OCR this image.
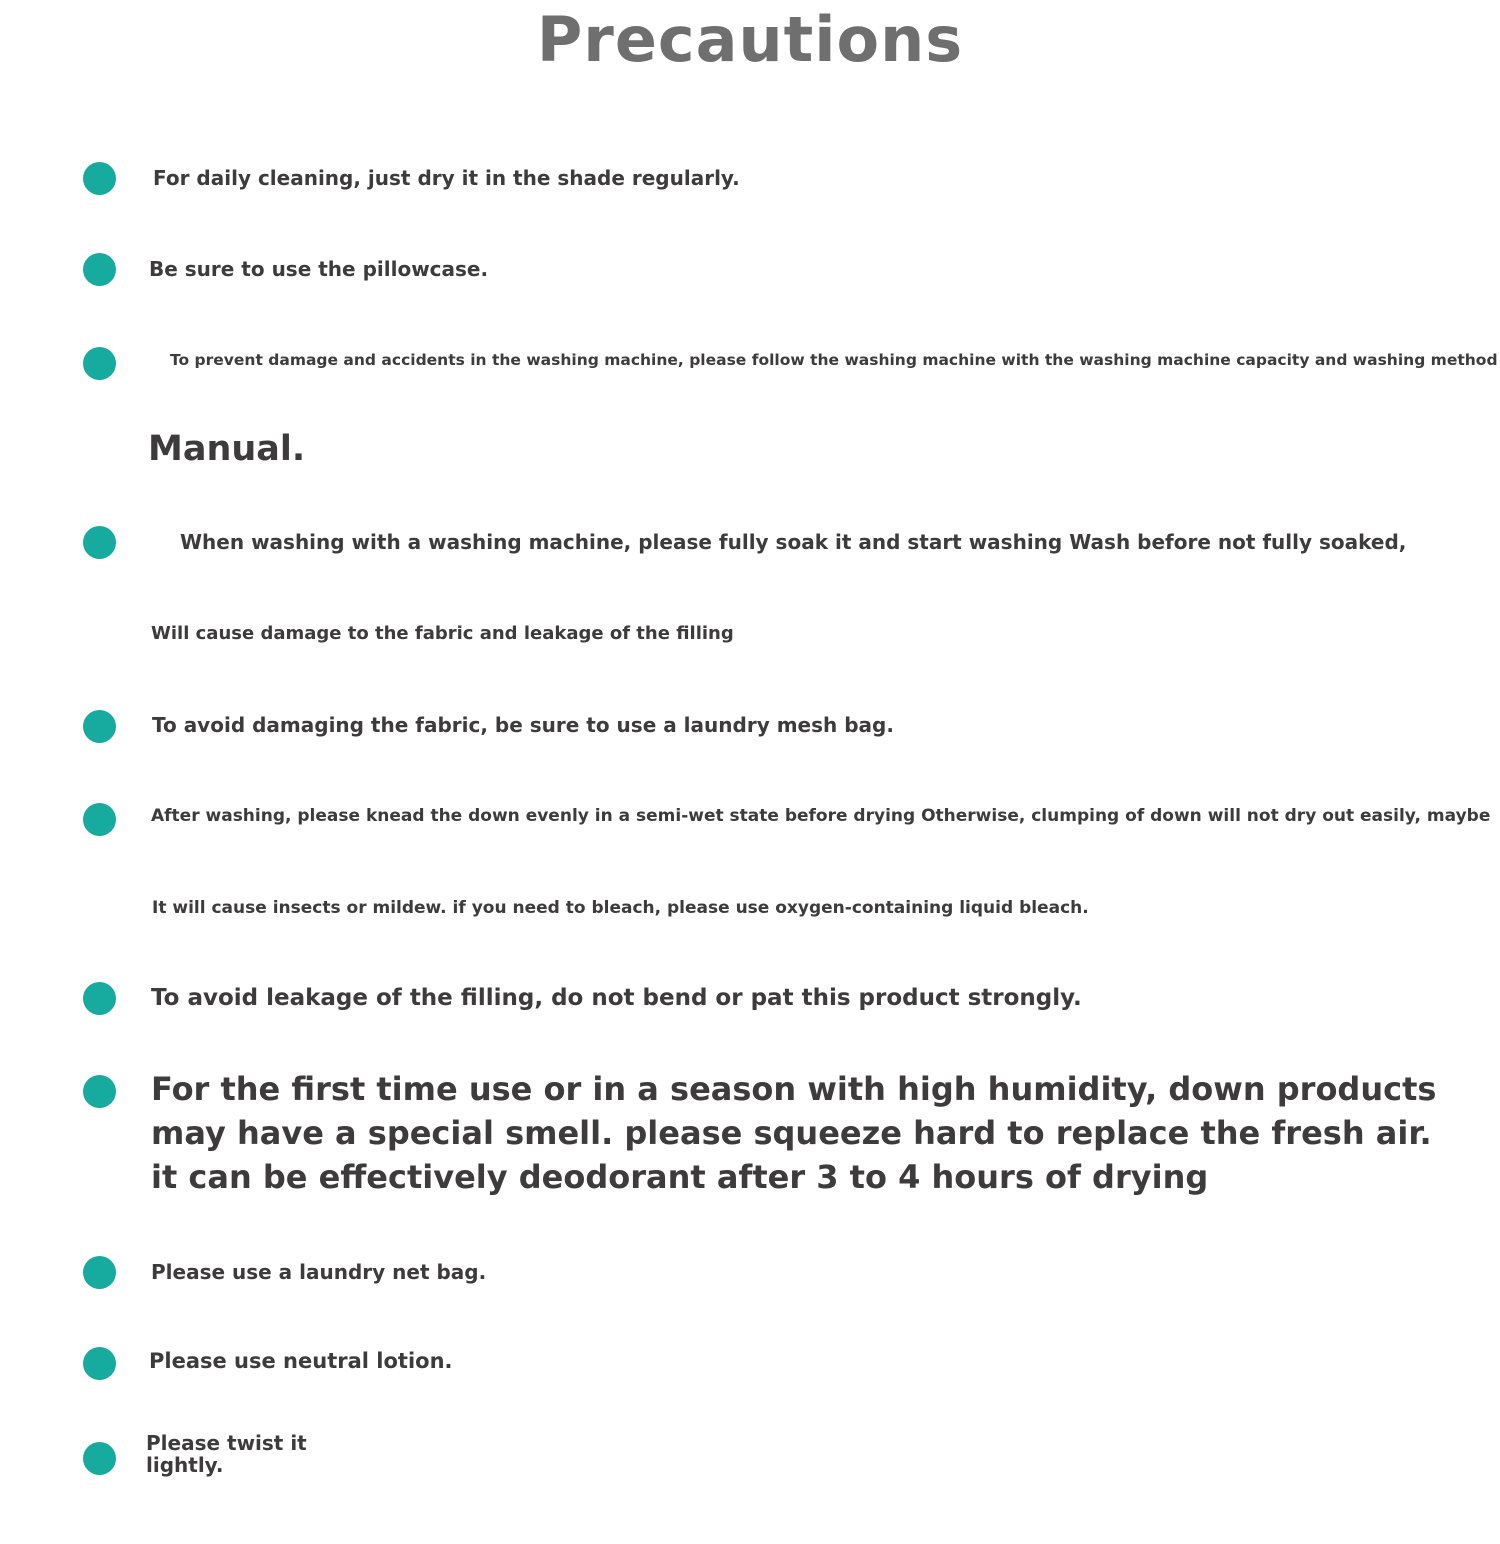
Precautions
For daily cleaning, just dry it in the shade regularly.
Be sure to use the pillowcase.
To prevent damage and accidents in the washing machine, please follow the washing machine with the washing machine capacity and washing method
Manual.
When washing with a washing machine, please fully soak it and start washing Wash before not fully soaked,
Will cause damage to the fabric and leakage of the filling
To avoid damaging the fabric, be sure to use a laundry mesh bag.
After washing, please knead the down evenly in a semi-wet state before drying Otherwise, clumping of down will not dry out easily, maybe
It will cause insects or mildew. if you need to bleach, please use oxygen-containing liquid bleach.
To avoid leakage of the filling, do not bend or pat this product strongly.
For the first time use or in a season with high humidity, down products
may have a special smell. please squeeze hard to replace the fresh air.
it can be effectively deodorant after 3 to 4 hours of drying
Please use a laundry net bag.
Please use neutral lotion.
Please twist it
lightly.
